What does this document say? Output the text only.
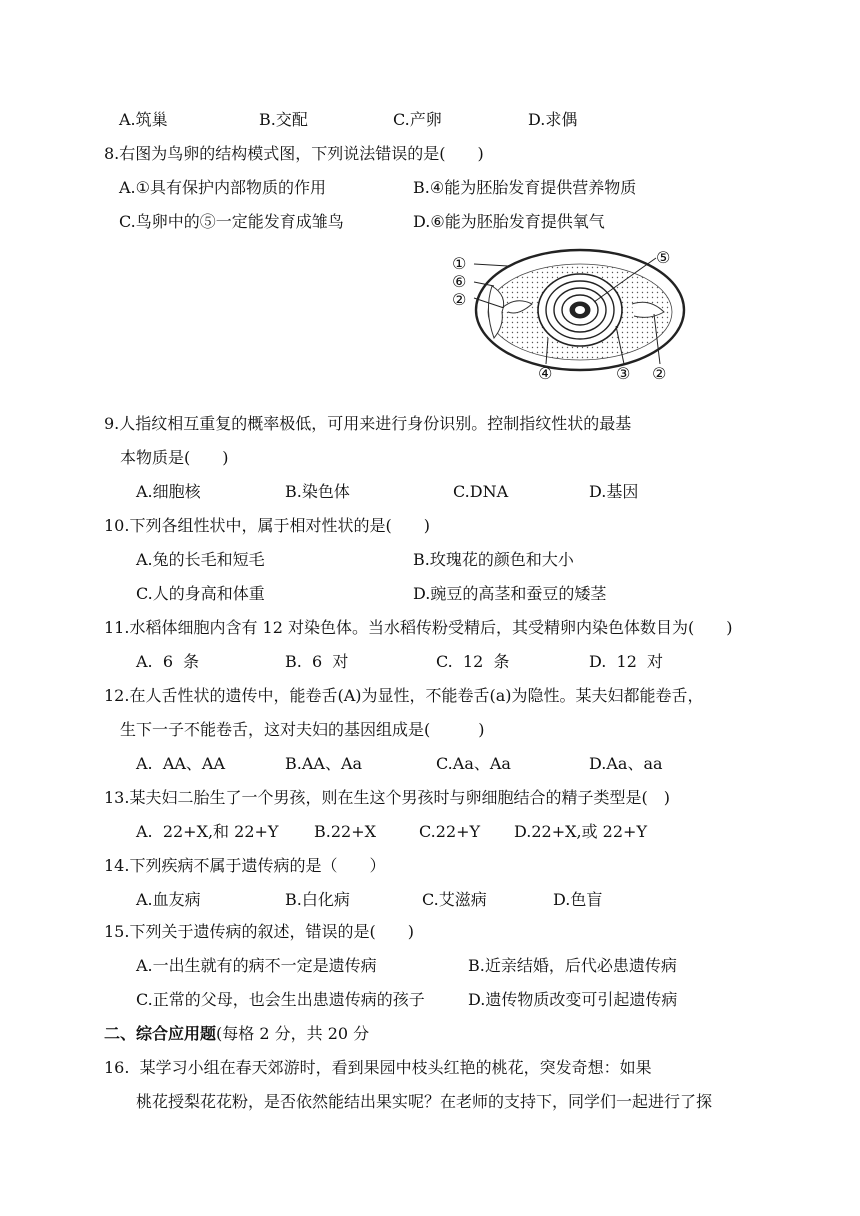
A.筑巢	B.交配	C.产卵	D.求偶
8.右图为鸟卵的结构模式图，下列说法错误的是(　　)
A.①具有保护内部物质的作用	B.④能为胚胎发育提供营养物质
C.鸟卵中的⑤一定能发育成雏鸟	D.⑥能为胚胎发育提供氧气
①
⑥
②
⑤
④	③ ②
9.人指纹相互重复的概率极低，可用来进行身份识别。控制指纹性状的最基
本物质是(　　)
A.细胞核	B.染色体	C.DNA	D.基因
10.下列各组性状中，属于相对性状的是(　　)
A.兔的长毛和短毛	B.玫瑰花的颜色和大小
C.人的身高和体重	D.豌豆的高茎和蚕豆的矮茎
11.水稻体细胞内含有 12 对染色体。当水稻传粉受精后，其受精卵内染色体数目为(　　)
A.  6  条	B.  6  对	C.  12  条	D.  12  对
12.在人舌性状的遗传中，能卷舌(A)为显性，不能卷舌(a)为隐性。某夫妇都能卷舌，
生下一子不能卷舌，这对夫妇的基因组成是(　　　)
A.  AA、AA	B.AA、Aa	C.Aa、Aa	D.Aa、aa
13.某夫妇二胎生了一个男孩，则在生这个男孩时与卵细胞结合的精子类型是(　)
A.  22+X,和 22+Y B.22+X	C.22+Y D.22+X,或 22+Y
14.下列疾病不属于遗传病的是（　　）
A.血友病	B.白化病	C.艾滋病	D.色盲
15.下列关于遗传病的叙述，错误的是(　　)
A.一出生就有的病不一定是遗传病	B.近亲结婚，后代必患遗传病
C.正常的父母，也会生出患遗传病的孩子	D.遗传物质改变可引起遗传病
二、综合应用题(每格 2 分，共 20 分
16.  某学习小组在春天郊游时，看到果园中枝头红艳的桃花，突发奇想：如果
桃花授梨花花粉，是否依然能结出果实呢？在老师的支持下，同学们一起进行了探
